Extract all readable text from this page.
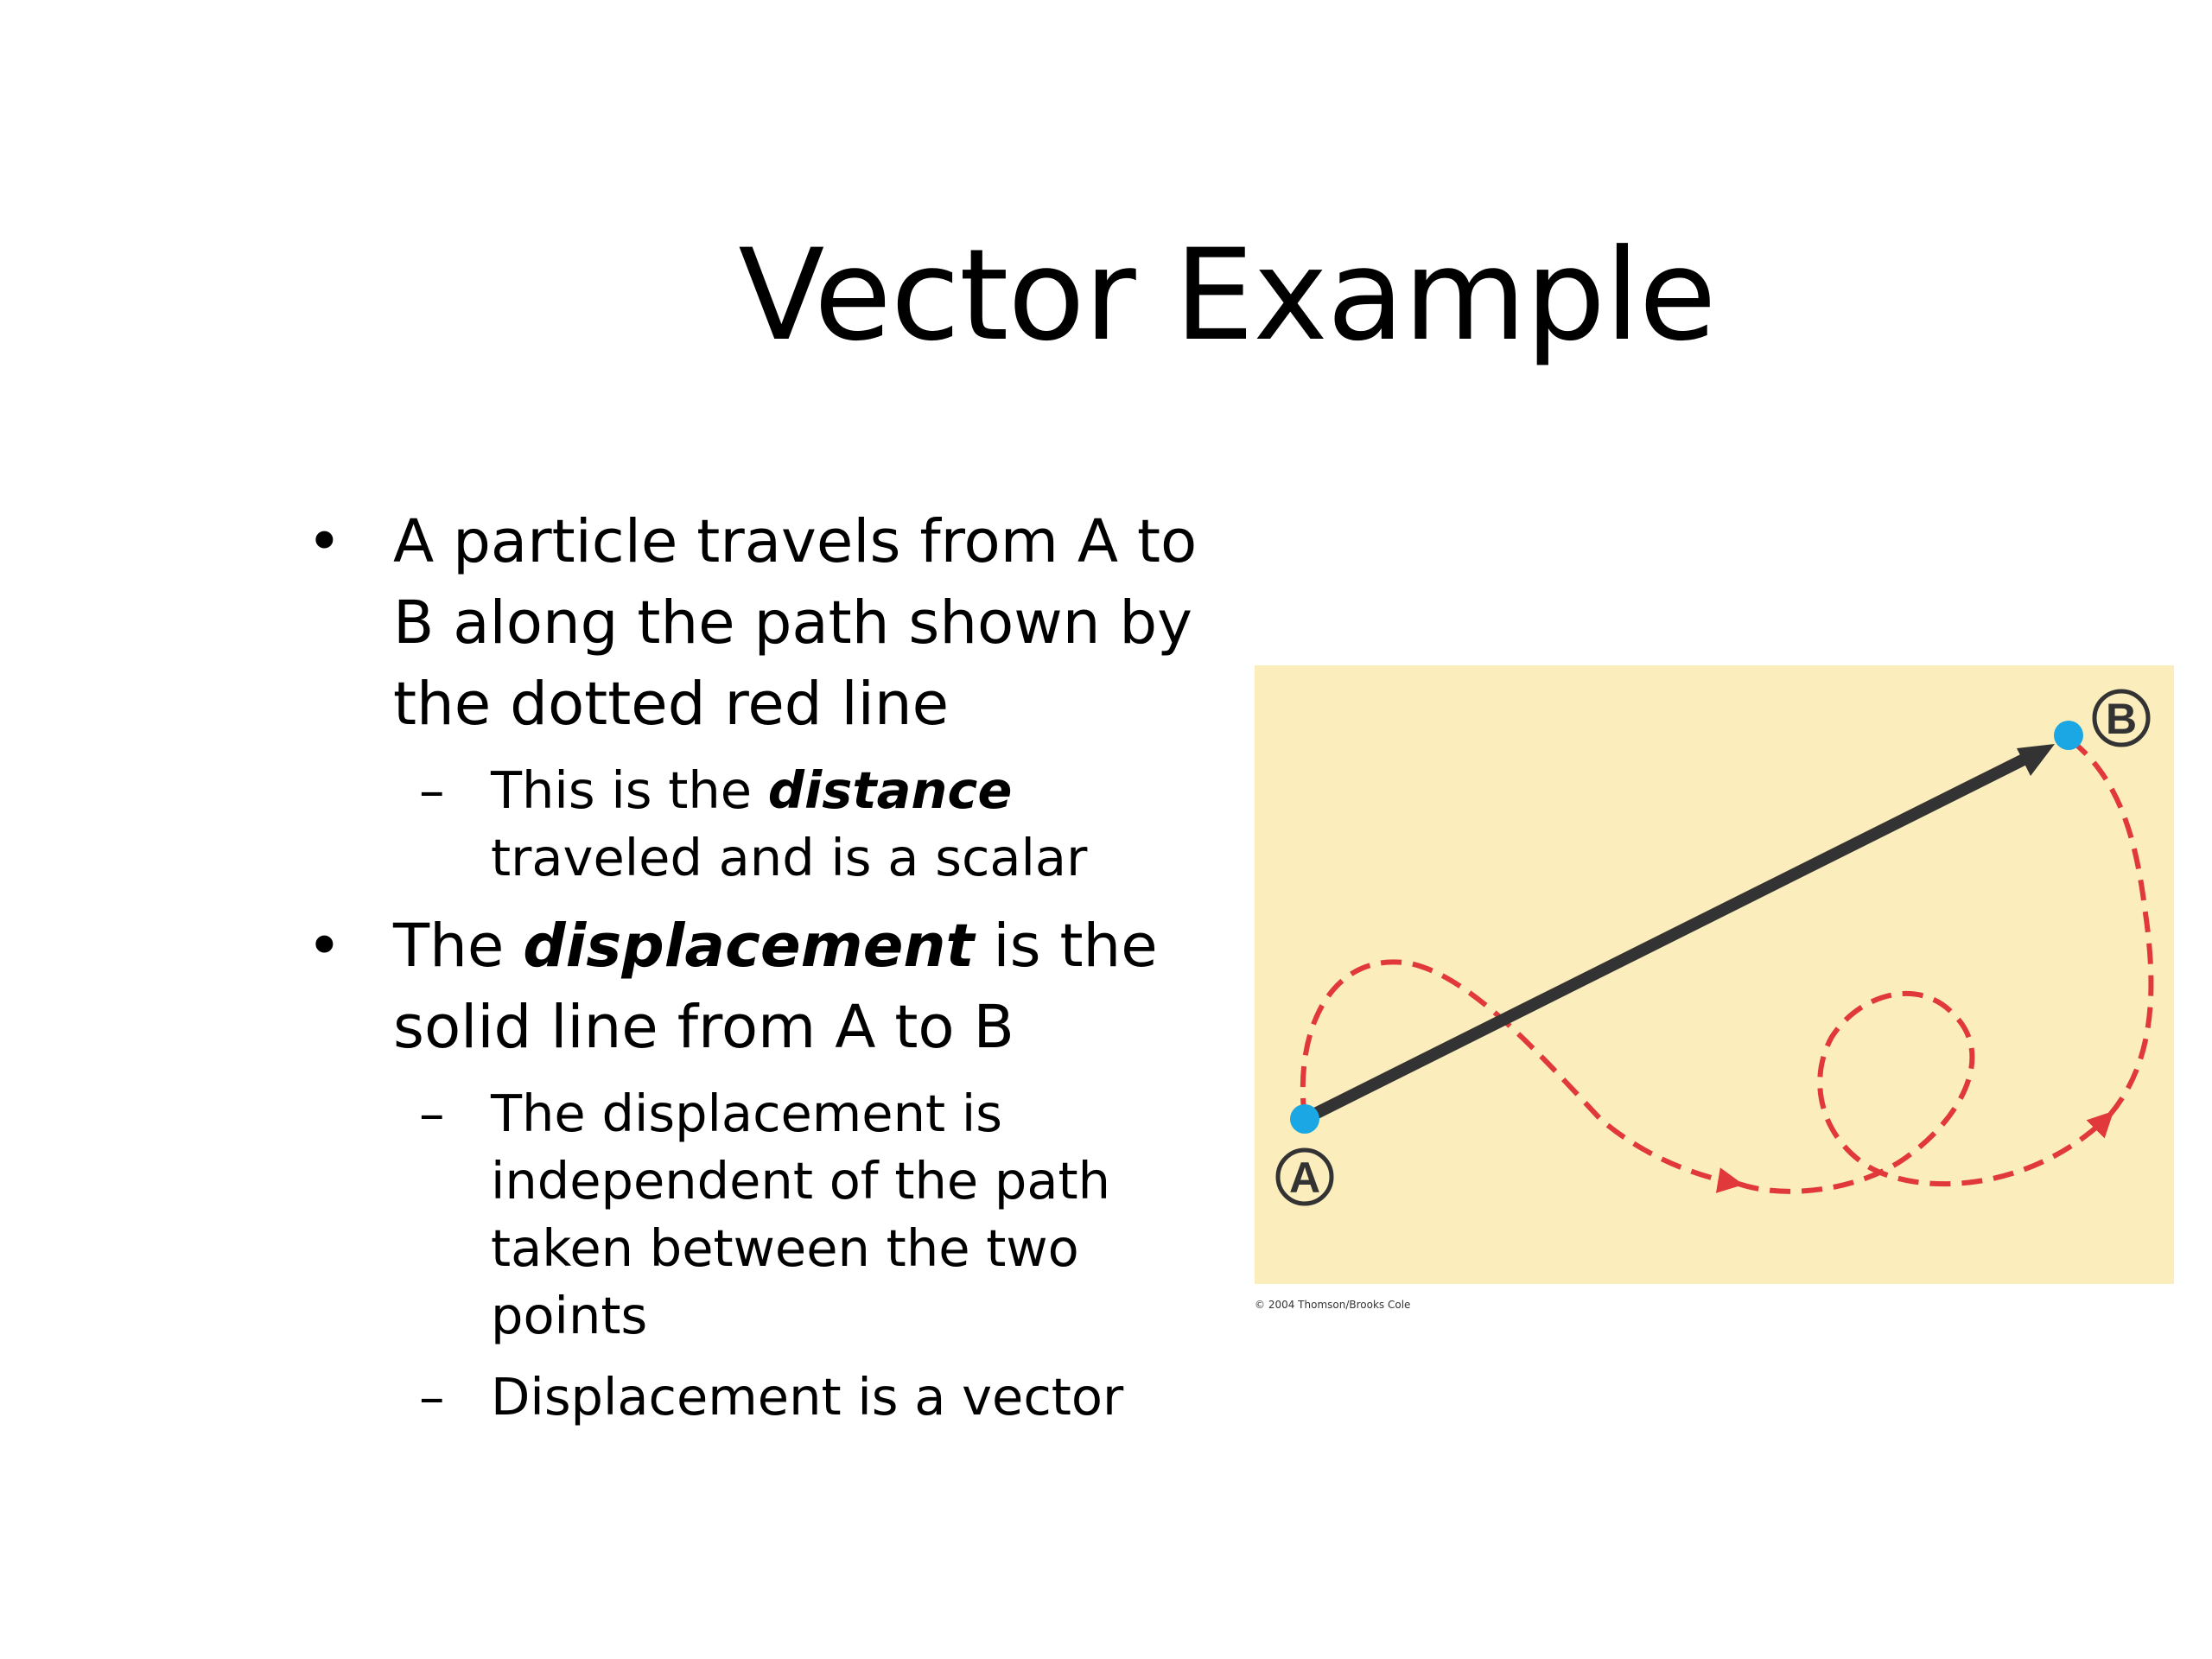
Vector Example
• A particle travels from A to B along the path shown by the dotted red line
– This is the distance traveled and is a scalar
• The displacement is the solid line from A to B
– The displacement is independent of the path taken between the two points
– Displacement is a vector
A
B
© 2004 Thomson/Brooks Cole
